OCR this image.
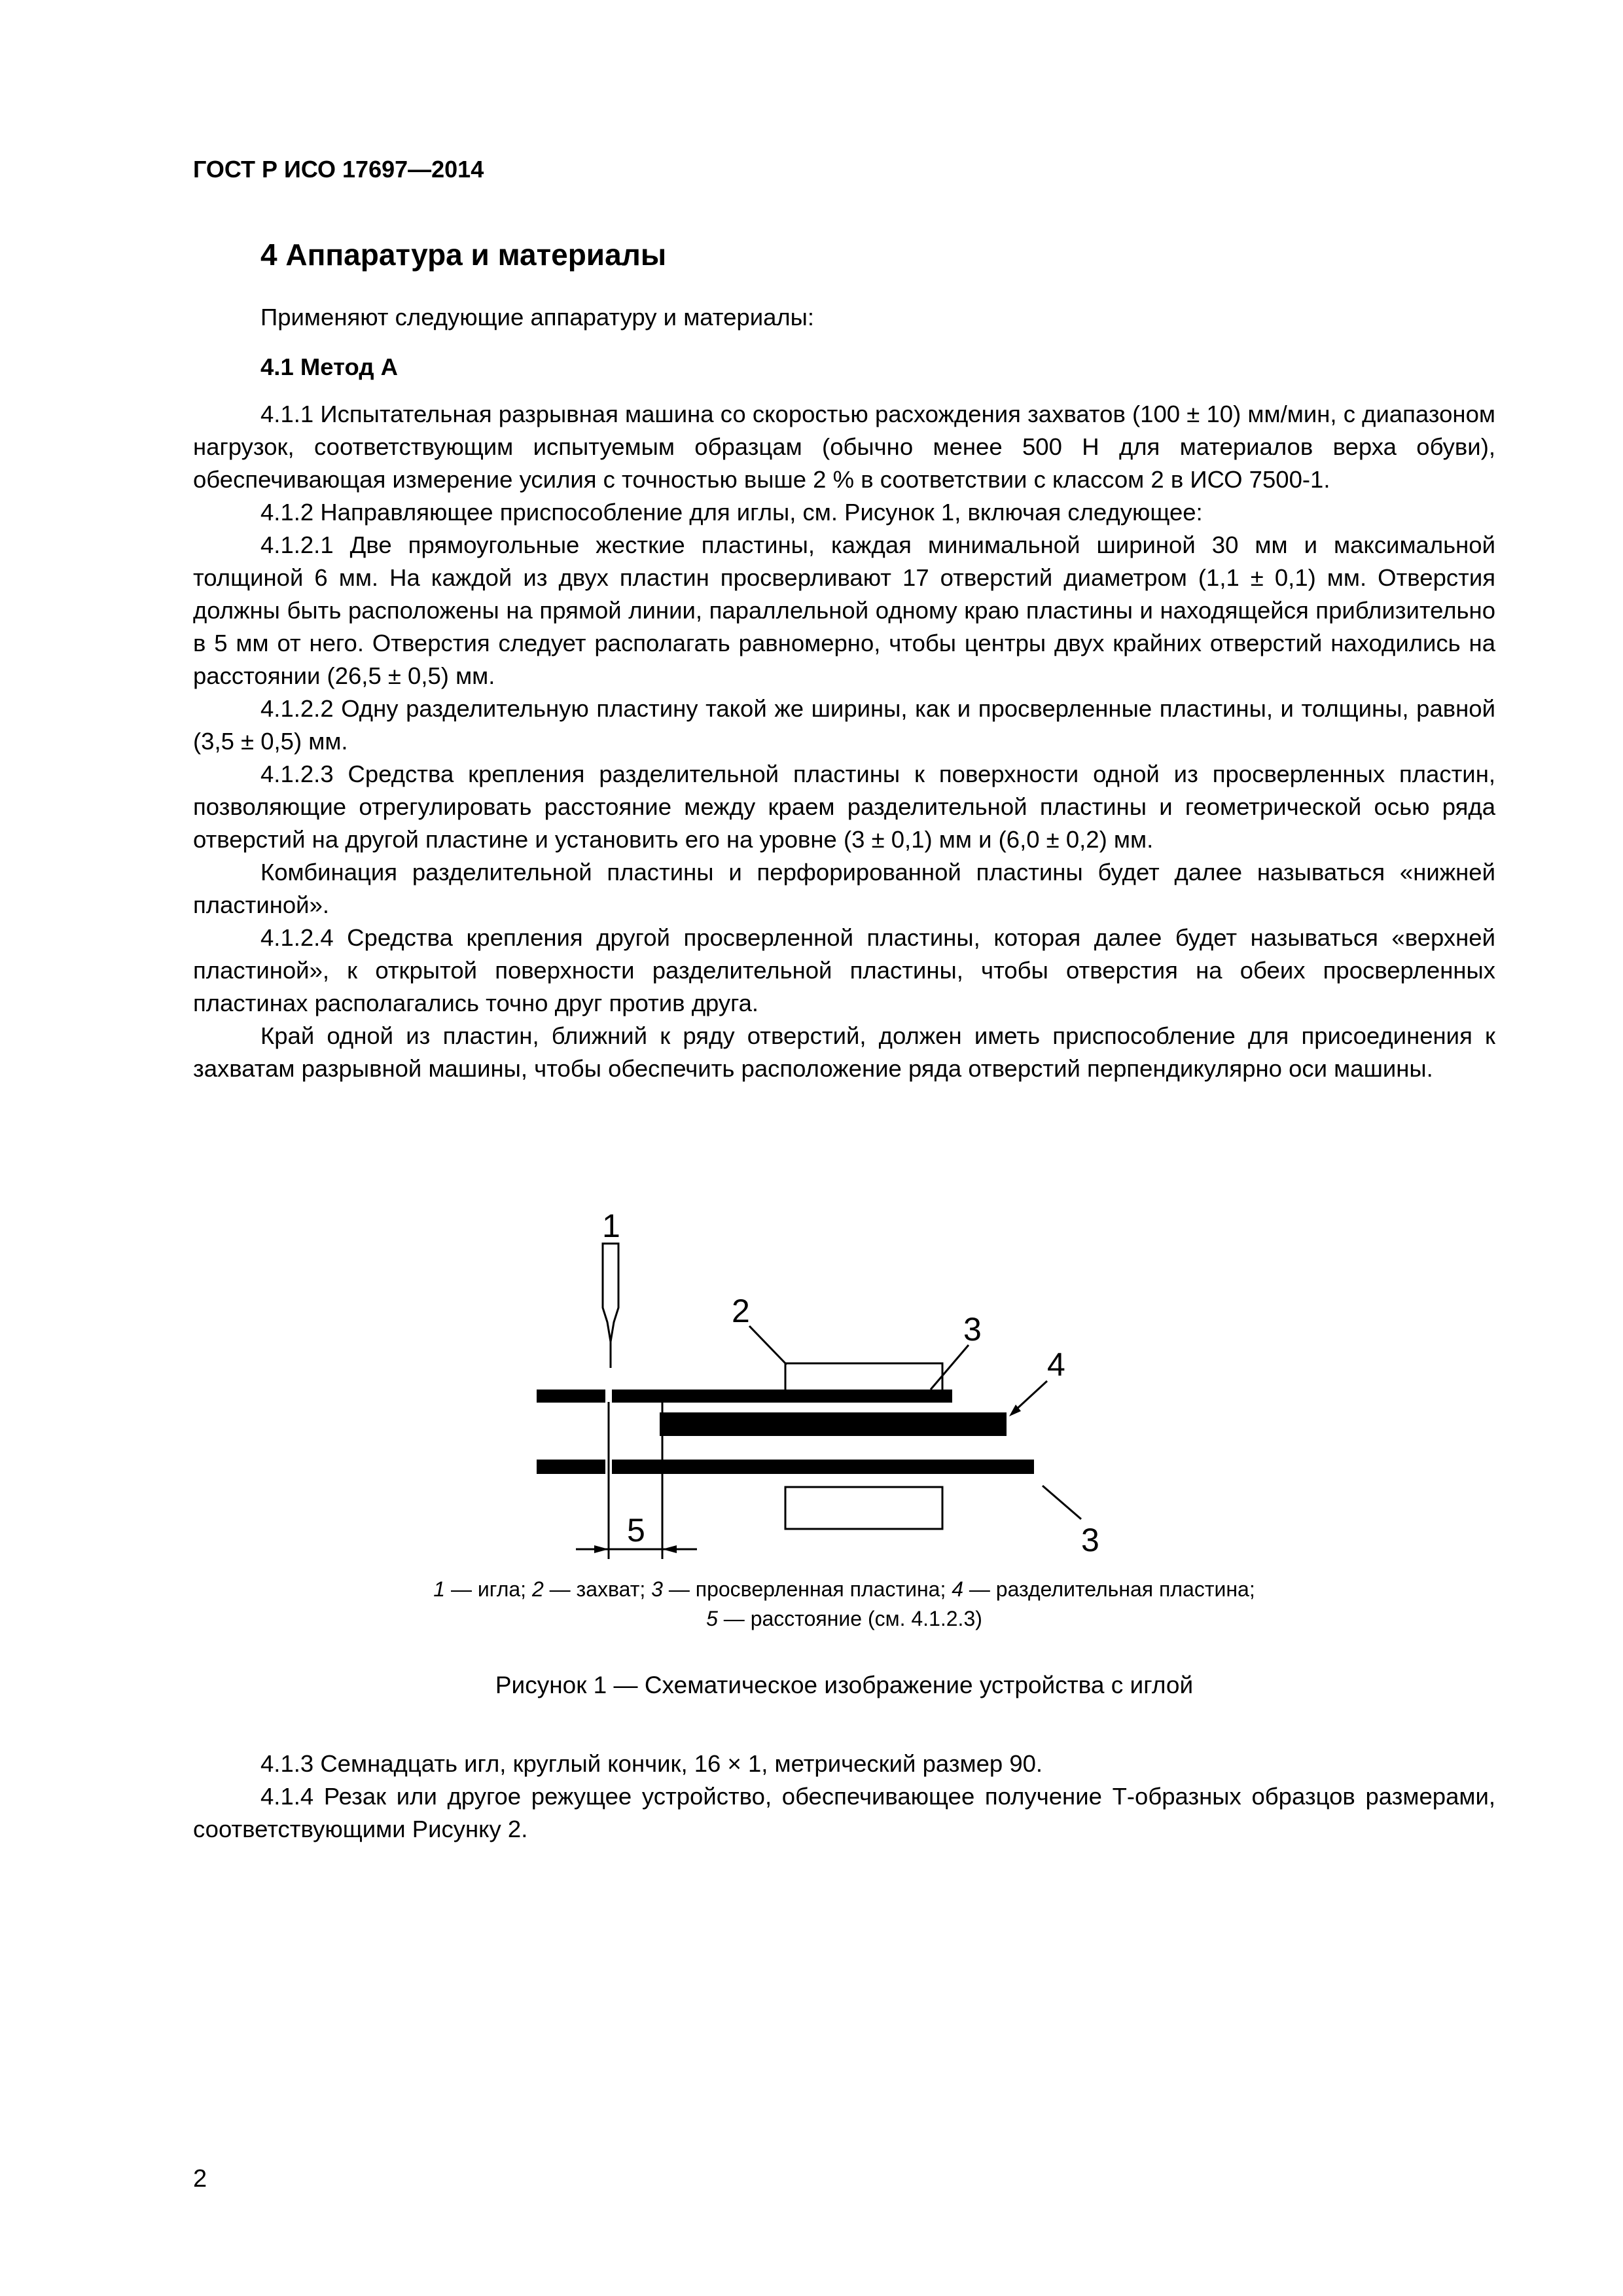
ГОСТ Р ИСО 17697—2014
4 Аппаратура и материалы

Применяют следующие аппаратуру и материалы:

4.1 Метод А

4.1.1 Испытательная разрывная машина со скоростью расхождения захватов (100 ± 10) мм/мин, с диапазоном нагрузок, соответствующим испытуемым образцам (обычно менее 500 Н для материалов верха обуви), обеспечивающая измерение усилия с точностью выше 2 % в соответствии с классом 2 в ИСО 7500-1.

4.1.2 Направляющее приспособление для иглы, см. Рисунок 1, включая следующее:

4.1.2.1 Две прямоугольные жесткие пластины, каждая минимальной шириной 30 мм и максимальной толщиной 6 мм. На каждой из двух пластин просверливают 17 отверстий диаметром (1,1 ± 0,1) мм. Отверстия должны быть расположены на прямой линии, параллельной одному краю пластины и находящейся приблизительно в 5 мм от него. Отверстия следует располагать равномерно, чтобы центры двух крайних отверстий находились на расстоянии (26,5 ± 0,5) мм.

4.1.2.2 Одну разделительную пластину такой же ширины, как и просверленные пластины, и толщины, равной (3,5 ± 0,5) мм.

4.1.2.3 Средства крепления разделительной пластины к поверхности одной из просверленных пластин, позволяющие отрегулировать расстояние между краем разделительной пластины и геометрической осью ряда отверстий на другой пластине и установить его на уровне (3 ± 0,1) мм и (6,0 ± 0,2) мм.

Комбинация разделительной пластины и перфорированной пластины будет далее называться «нижней пластиной».

4.1.2.4 Средства крепления другой просверленной пластины, которая далее будет называться «верхней пластиной», к открытой поверхности разделительной пластины, чтобы отверстия на обеих просверленных пластинах располагались точно друг против друга.

Край одной из пластин, ближний к ряду отверстий, должен иметь приспособление для присоединения к захватам разрывной машины, чтобы обеспечить расположение ряда отверстий перпендикулярно оси машины.

1
2	3
4
3
5
1 — игла; 2 — захват; 3 — просверленная пластина; 4 — разделительная пластина;
5 — расстояние (см. 4.1.2.3)
Рисунок 1 — Схематическое изображение устройства с иглой

4.1.3 Семнадцать игл, круглый кончик, 16 × 1, метрический размер 90.

4.1.4 Резак или другое режущее устройство, обеспечивающее получение Т-образных образцов размерами, соответствующими Рисунку 2.

2
